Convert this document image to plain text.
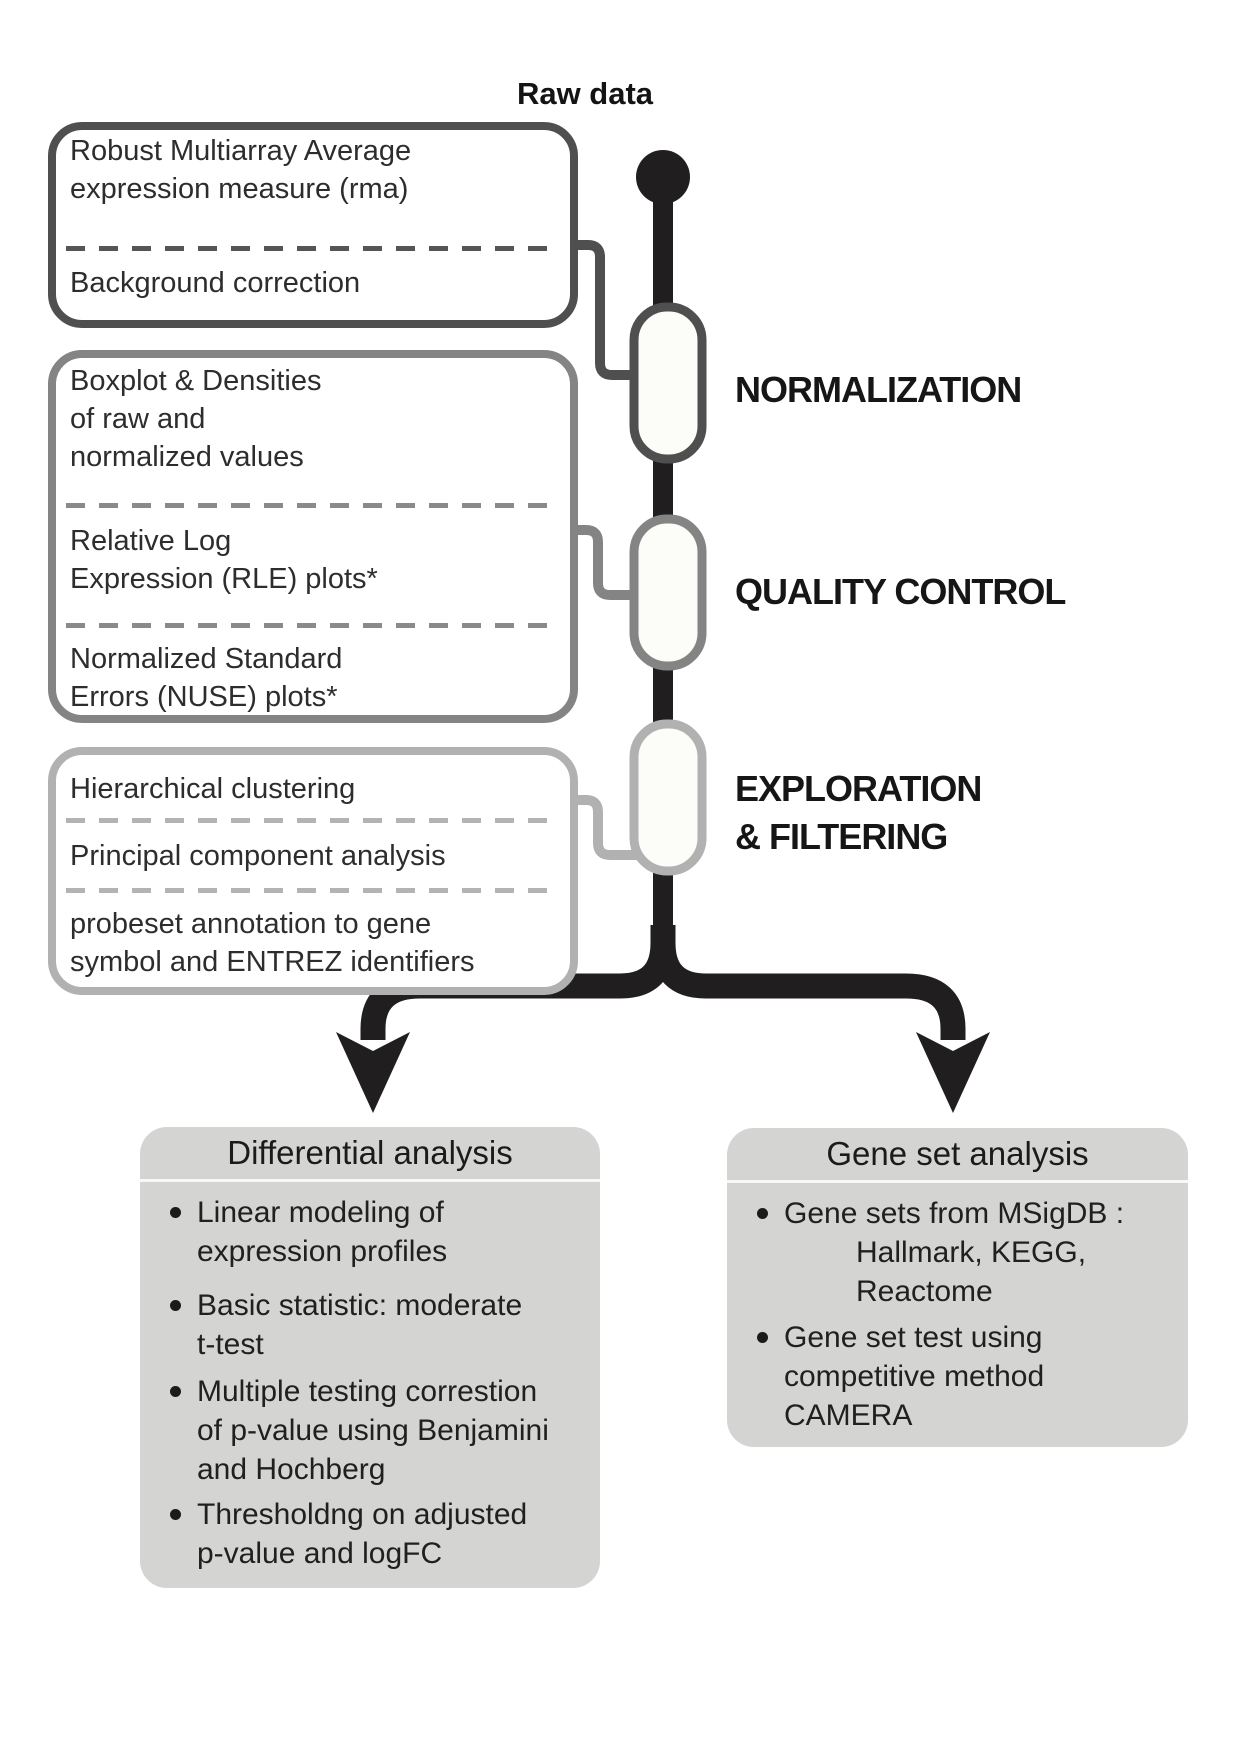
Raw data
Robust Multiarray Average
expression measure (rma)
Background correction
Boxplot & Densities
of raw and
normalized values
Relative Log
Expression (RLE) plots*
Normalized Standard
Errors (NUSE) plots*
Hierarchical clustering
Principal component analysis
probeset annotation to gene
symbol and ENTREZ identifiers
NORMALIZATION
QUALITY CONTROL
EXPLORATION
& FILTERING
Differential analysis
Linear modeling of
expression profiles
Basic statistic: moderate
t-test
Multiple testing correstion
of p-value using Benjamini
and Hochberg
Thresholdng on adjusted
p-value and logFC
Gene set analysis
Gene sets from MSigDB :
Hallmark, KEGG,
Reactome
Gene set test using
competitive method
CAMERA
